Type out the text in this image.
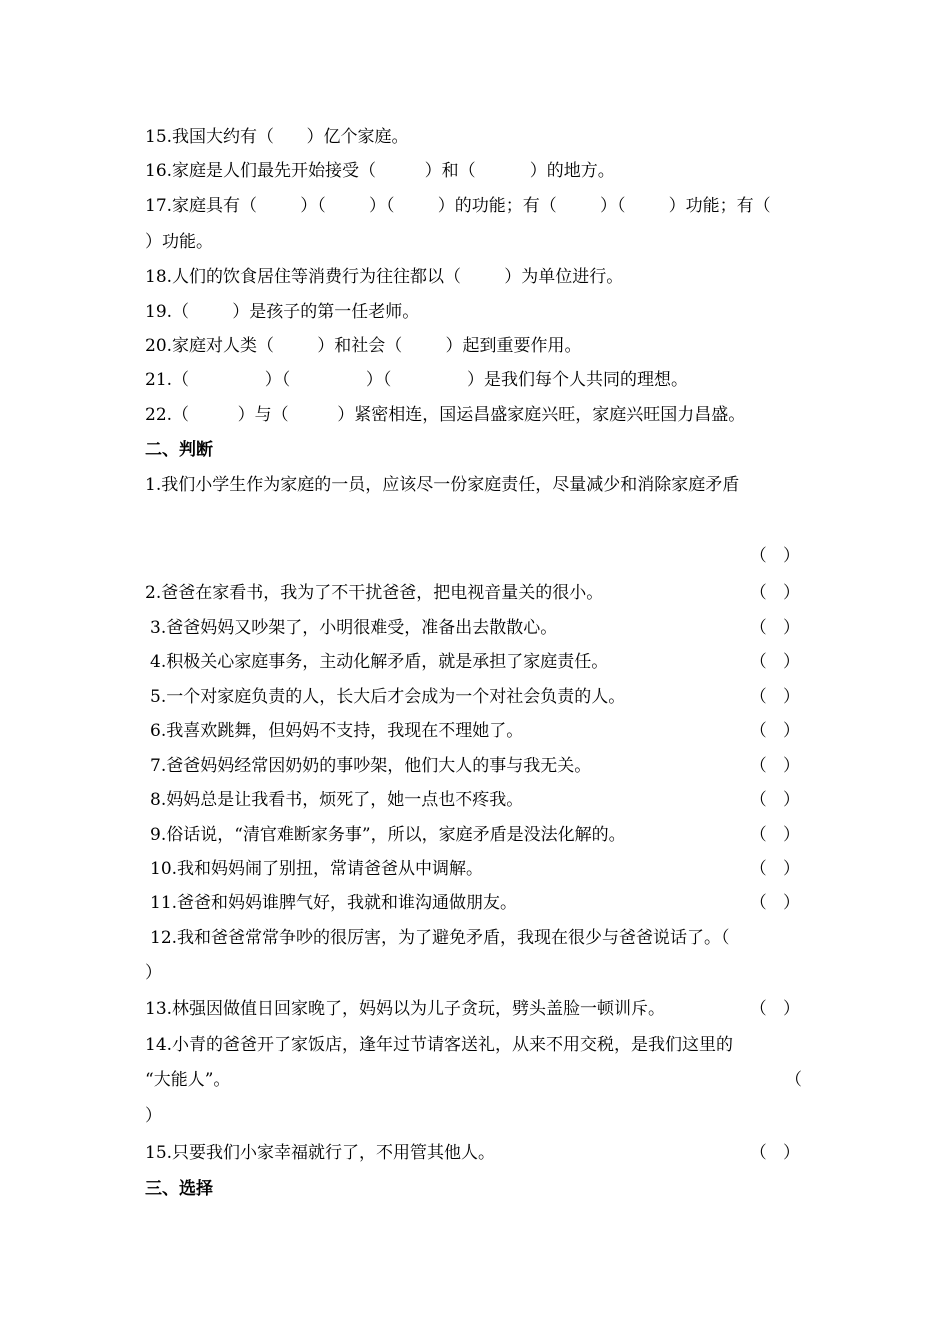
15.我国大约有（      ）亿个家庭。
16.家庭是人们最先开始接受（         ）和（          ）的地方。
17.家庭具有（        ）（        ）（        ）的功能；有（        ）（        ）功能；有（
）功能。
18.人们的饮食居住等消费行为往往都以（        ）为单位进行。
19.（        ）是孩子的第一任老师。
20.家庭对人类（        ）和社会（        ）起到重要作用。
21.（              ）（              ）（              ）是我们每个人共同的理想。
22.（         ）与（         ）紧密相连，国运昌盛家庭兴旺，家庭兴旺国力昌盛。
二、判断
1.我们小学生作为家庭的一员，应该尽一份家庭责任，尽量减少和消除家庭矛盾
（   ）
2.爸爸在家看书，我为了不干扰爸爸，把电视音量关的很小。	（   ）
3.爸爸妈妈又吵架了，小明很难受，准备出去散散心。	（   ）
4.积极关心家庭事务，主动化解矛盾，就是承担了家庭责任。	（   ）
5.一个对家庭负责的人，长大后才会成为一个对社会负责的人。	（   ）
6.我喜欢跳舞，但妈妈不支持，我现在不理她了。	（   ）
7.爸爸妈妈经常因奶奶的事吵架，他们大人的事与我无关。	（   ）
8.妈妈总是让我看书，烦死了，她一点也不疼我。	（   ）
9.俗话说，“清官难断家务事”，所以，家庭矛盾是没法化解的。	（   ）
10.我和妈妈闹了别扭，常请爸爸从中调解。	（   ）
11.爸爸和妈妈谁脾气好，我就和谁沟通做朋友。	（   ）
12.我和爸爸常常争吵的很厉害，为了避免矛盾，我现在很少与爸爸说话了。（
）
13.林强因做值日回家晚了，妈妈以为儿子贪玩，劈头盖脸一顿训斥。	（   ）
14.小青的爸爸开了家饭店，逢年过节请客送礼，从来不用交税，是我们这里的
“大能人”。	（
）
15.只要我们小家幸福就行了，不用管其他人。	（   ）
三、选择
